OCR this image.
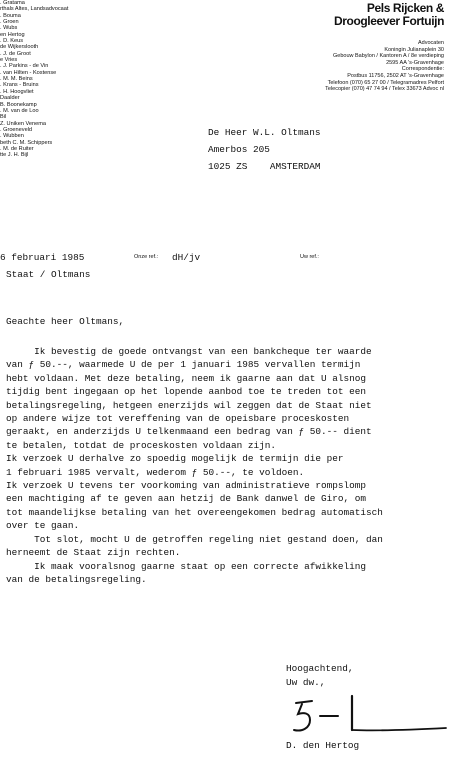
. Gratama
rthals Altes, Landsadvocaat
. Bouma
. Groen
. Wubs
en Hertog
. D. Keus
de Wijkerslooth
. J. de Groot
e Vries
. J. Parkins - de Vin
. van Hilten - Kostense
. M. M. Beins
. Krans - Bruins
. H. Hoogvliet
Daalder
B. Boonekamp
. M. van de Loo
Bil
Z. Uniken Venema
. Groeneveld
. Wubben
beth C. M. Schippers
. M. de Ruiter
tte J. H. Bijl
Pels Rijcken &
Droogleever Fortuijn
Advocaten
Koningin Julianaplein 30
Gebouw Babylon / Kantoren A / 8e verdieping
2595 AA 's-Gravenhage
Correspondentie:
Postbus 11756, 2502 AT 's-Gravenhage
Telefoon (070) 65 27 00 / Telegramadres Pelfort
Telecopier (070) 47 74 94 / Telex 33673 Advoc nl
De Heer W.L. Oltmans
Amerbos 205
1025 ZS    AMSTERDAM
6 februari 1985	Onze ref.: dH/jv	Uw ref.:
Staat / Oltmans
Geachte heer Oltmans,
Ik bevestig de goede ontvangst van een bankcheque ter waarde
van ƒ 50.--, waarmede U de per 1 januari 1985 vervallen termijn
hebt voldaan. Met deze betaling, neem ik gaarne aan dat U alsnog
tijdig bent ingegaan op het lopende aanbod toe te treden tot een
betalingsregeling, hetgeen enerzijds wil zeggen dat de Staat niet
op andere wijze tot vereffening van de opeisbare proceskosten
geraakt, en anderzijds U telkenmaand een bedrag van ƒ 50.-- dient
te betalen, totdat de proceskosten voldaan zijn.
Ik verzoek U derhalve zo spoedig mogelijk de termijn die per
1 februari 1985 vervalt, wederom ƒ 50.--, te voldoen.
Ik verzoek U tevens ter voorkoming van administratieve rompslomp
een machtiging af te geven aan hetzij de Bank danwel de Giro, om
tot maandelijkse betaling van het overeengekomen bedrag automatisch
over te gaan.
Tot slot, mocht U de getroffen regeling niet gestand doen, dan
herneemt de Staat zijn rechten.
Ik maak vooralsnog gaarne staat op een correcte afwikkeling
van de betalingsregeling.
Hoogachtend,
Uw dw.,
D. den Hertog
